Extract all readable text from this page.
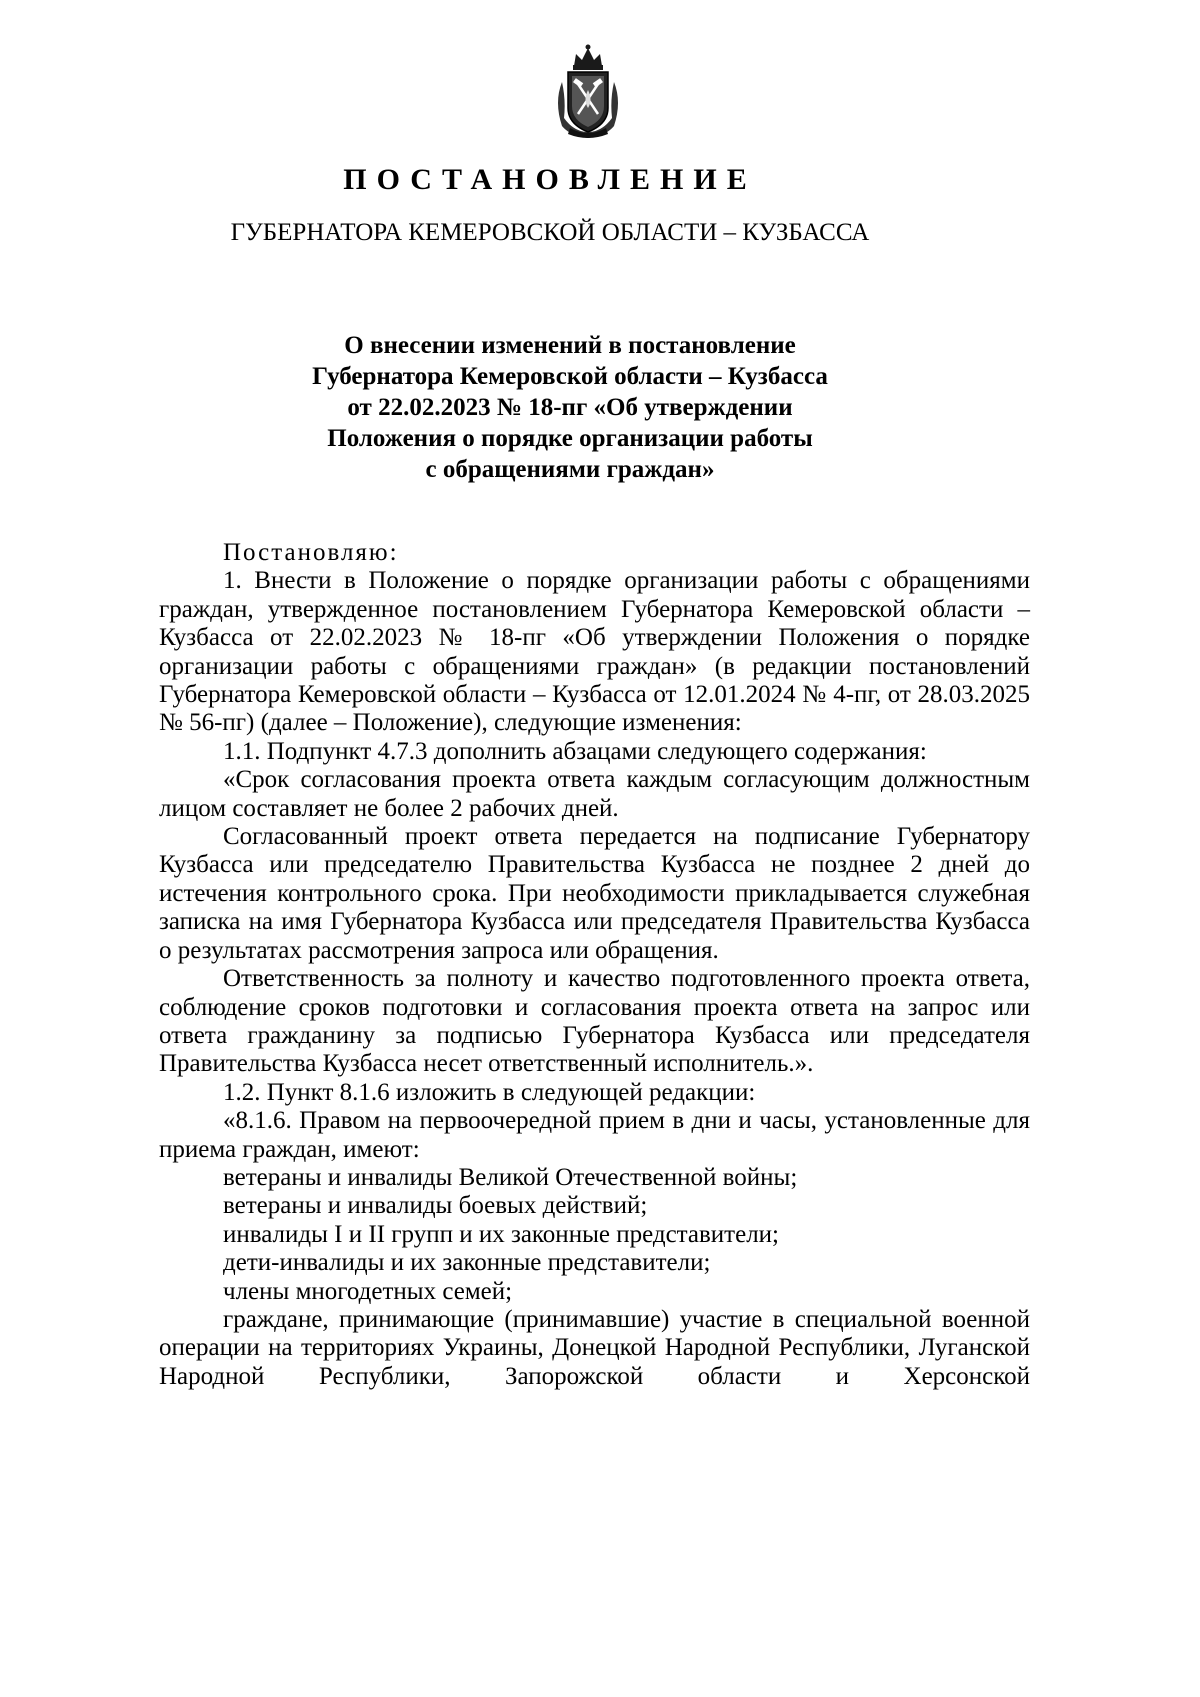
ПОСТАНОВЛЕНИЕ
ГУБЕРНАТОРА КЕМЕРОВСКОЙ ОБЛАСТИ – КУЗБАССА
О внесении изменений в постановление
Губернатора Кемеровской области – Кузбасса
от 22.02.2023 № 18-пг «Об утверждении
Положения о порядке организации работы
с обращениями граждан»

Постановляю:

1. Внести в Положение о порядке организации работы с обращениями граждан, утвержденное постановлением Губернатора Кемеровской области – Кузбасса от 22.02.2023 № 18-пг «Об утверждении Положения о порядке организации работы с обращениями граждан» (в редакции постановлений Губернатора Кемеровской области – Кузбасса от 12.01.2024 № 4-пг, от 28.03.2025 № 56-пг) (далее – Положение), следующие изменения:

1.1. Подпункт 4.7.3 дополнить абзацами следующего содержания:

«Срок согласования проекта ответа каждым согласующим должностным лицом составляет не более 2 рабочих дней.

Согласованный проект ответа передается на подписание Губернатору Кузбасса или председателю Правительства Кузбасса не позднее 2 дней до истечения контрольного срока. При необходимости прикладывается служебная записка на имя Губернатора Кузбасса или председателя Правительства Кузбасса о результатах рассмотрения запроса или обращения.

Ответственность за полноту и качество подготовленного проекта ответа, соблюдение сроков подготовки и согласования проекта ответа на запрос или ответа гражданину за подписью Губернатора Кузбасса или председателя Правительства Кузбасса несет ответственный исполнитель.».

1.2. Пункт 8.1.6 изложить в следующей редакции:

«8.1.6. Правом на первоочередной прием в дни и часы, установленные для приема граждан, имеют:

ветераны и инвалиды Великой Отечественной войны;

ветераны и инвалиды боевых действий;

инвалиды I и II групп и их законные представители;

дети-инвалиды и их законные представители;

члены многодетных семей;

граждане, принимающие (принимавшие) участие в специальной военной операции на территориях Украины, Донецкой Народной Республики, Луганской Народной Республики, Запорожской области и Херсонской
